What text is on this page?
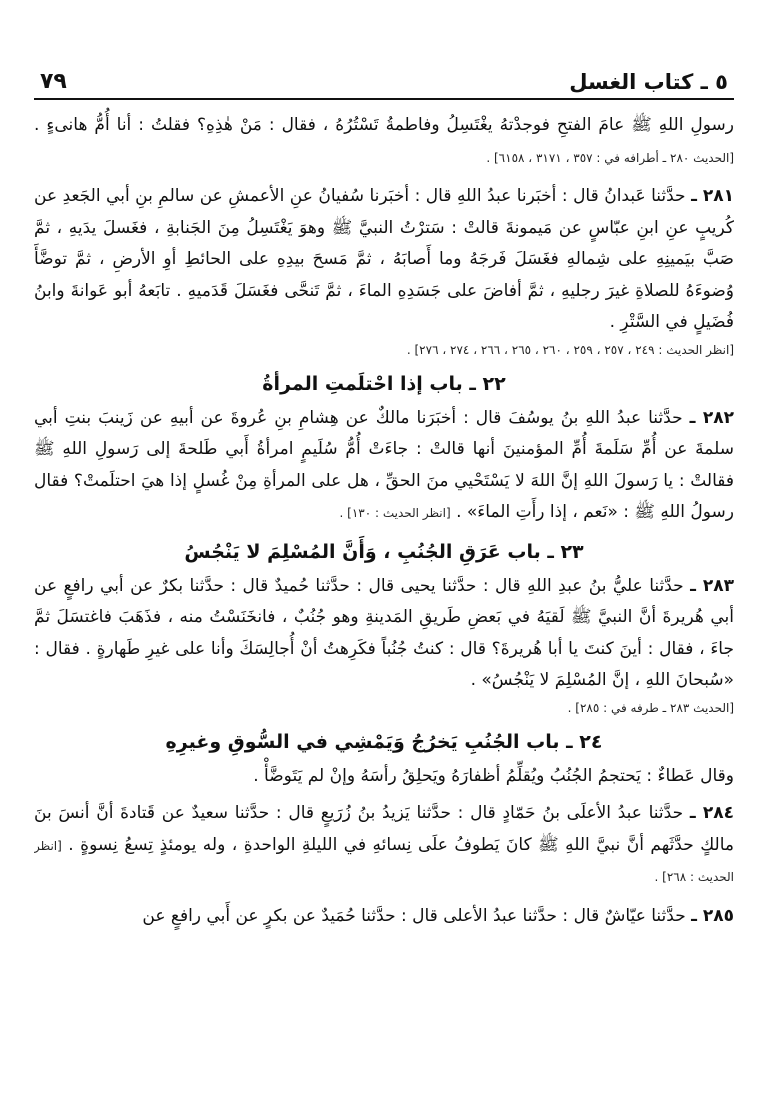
٥ ـ كتاب الغسل
٧٩

رسولِ اللهِ ﷺ عامَ الفتحِ فوجدْتهُ يغْتَسِلُ وفاطمةُ تَسْتُرُهُ ، فقال : مَنْ هٰذِهِ؟ فقلتُ : أنا أُمُّ هانىءٍ . [الحديث ٢٨٠ ـ أطرافه في : ٣٥٧ ، ٣١٧١ ، ٦١٥٨] .

٢٨١ ـ حدَّثنا عَبدانُ قال : أخبَرنا عبدُ اللهِ قال : أخبَرنا سُفيانُ عنِ الأعمشِ عن سالمِ بنِ أبي الجَعدِ عن كُريبٍ عنِ ابنِ عبّاسٍ عن مَيمونةَ قالتْ : سَترْتُ النبيَّ ﷺ وهوَ يَغْتَسِلُ مِنَ الجَنابةِ ، فغَسلَ يدَيهِ ، ثمَّ صَبَّ بيَمينِهِ على شِمالهِ فغَسَلَ فَرجَهُ وما أَصابَهُ ، ثمَّ مَسحَ بيدِهِ على الحائطِ أوِ الأرضِ ، ثمَّ توضَّأَ وُضوءَهُ للصلاةِ غيرَ رجليهِ ، ثمَّ أفاضَ على جَسَدِهِ الماءَ ، ثمَّ تَنحَّى فغَسَلَ قَدَميهِ . تابَعهُ أبو عَوانةَ وابنُ فُضَيلٍ في السَّتْرِ .

[انظر الحديث : ٢٤٩ ، ٢٥٧ ، ٢٥٩ ، ٢٦٠ ، ٢٦٥ ، ٢٦٦ ، ٢٧٤ ، ٢٧٦] .

٢٢ ـ باب إذا احْتلَمتِ المرأةُ

٢٨٢ ـ حدَّثنا عبدُ اللهِ بنُ يوسُفَ قال : أخبَرَنا مالكٌ عن هِشامِ بنِ عُروةَ عن أبيهِ عن زَينبَ بنتِ أبي سلمةَ عن أُمِّ سَلَمةَ أُمِّ المؤمنينَ أنها قالتْ : جاءَتْ أُمُّ سُلَيمٍ امرأةُ أَبي طَلحةَ إلى رَسولِ اللهِ ﷺ فقالتْ : يا رَسولَ اللهِ إنَّ اللهَ لا يَسْتَحْيي منَ الحقِّ ، هل على المرأةِ مِنْ غُسلٍ إذا هيَ احتلَمتْ؟ فقال رسولُ اللهِ ﷺ : «نَعم ، إذا رأَتِ الماءَ» . [انظر الحديث : ١٣٠] .

٢٣ ـ باب عَرَقِ الجُنُبِ ، وَأَنَّ المُسْلِمَ لا يَنْجُسُ

٢٨٣ ـ حدَّثنا عليُّ بنُ عبدِ اللهِ قال : حدَّثنا يحيى قال : حدَّثنا حُميدٌ قال : حدَّثنا بكرٌ عن أبي رافعٍ عن أبي هُريرةَ أنَّ النبيَّ ﷺ لَقيَهُ في بَعضِ طَريقِ المَدينةِ وهو جُنُبٌ ، فانخَنَسْتُ منه ، فذَهَبَ فاغتسَلَ ثمَّ جاءَ ، فقال : أينَ كنتَ يا أبا هُريرةَ؟ قال : كنتُ جُنُباً فكَرِهتُ أنْ أُجالِسَكَ وأنا على غيرِ طَهارةٍ . فقال : «سُبحانَ اللهِ ، إنَّ المُسْلِمَ لا يَنْجُسُ» .

[الحديث ٢٨٣ ـ طرفه في : ٢٨٥] .

٢٤ ـ باب الجُنُبِ يَخرُجُ وَيَمْشِي في السُّوقِ وغيرِهِ

وقال عَطاءٌ : يَحتجمُ الجُنُبُ ويُقلِّمُ أظفارَهُ ويَحلِقُ رأسَهُ وإنْ لم يَتَوضَّأْ .

٢٨٤ ـ حدَّثنا عبدُ الأعلَى بنُ حَمّادٍ قال : حدَّثنا يَزيدُ بنُ زُرَيعٍ قال : حدَّثنا سعيدٌ عن قَتادةَ أنَّ أنسَ بنَ مالكٍ حدَّثَهم أنَّ نبيَّ اللهِ ﷺ كانَ يَطوفُ علَى نِسائهِ في الليلةِ الواحدةِ ، وله يومئذٍ تِسعُ نِسوةٍ . [انظر الحديث : ٢٦٨] .

٢٨٥ ـ حدَّثنا عيّاشٌ قال : حدَّثنا عبدُ الأعلى قال : حدَّثنا حُمَيدٌ عن بكرٍ عن أَبي رافعٍ عن
